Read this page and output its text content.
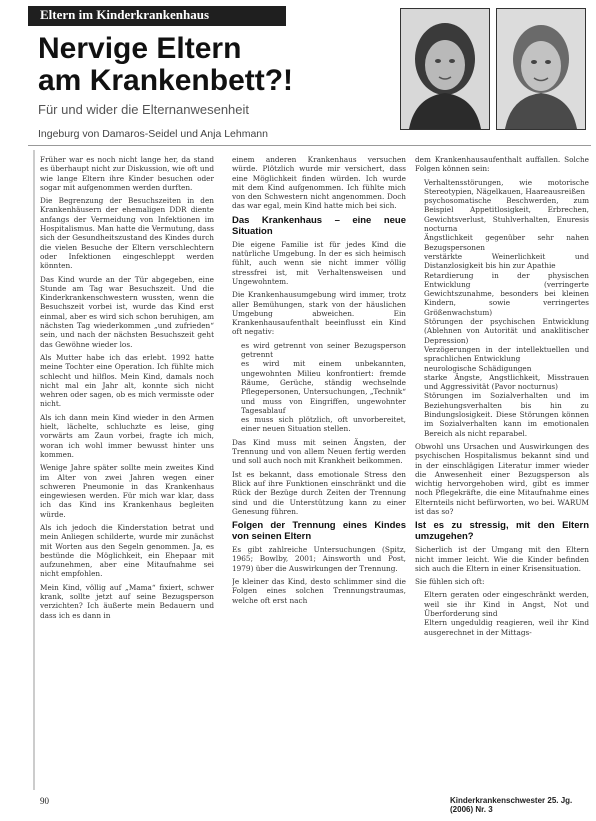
Eltern im Kinderkrankenhaus
Nervige Eltern
am Krankenbett?!
Für und wider die Elternanwesenheit
Ingeburg von Damaros-Seidel und Anja Lehmann

Früher war es noch nicht lange her, da stand es überhaupt nicht zur Diskussion, wie oft und wie lange Eltern ihre Kinder besuchen oder sogar mit aufgenommen werden durften.

Die Begrenzung der Besuchszeiten in den Krankenhäusern der ehemaligen DDR diente anfangs der Vermeidung von Infektionen im Hospitalismus. Man hatte die Vermutung, dass sich der Gesundheitszustand des Kindes durch die vielen Besuche der Eltern verschlechtern oder Infektionen eingeschleppt werden könnten.

Das Kind wurde an der Tür abgegeben, eine Stunde am Tag war Besuchszeit. Und die Kinderkrankenschwestern wussten, wenn die Besuchszeit vorbei ist, wurde das Kind erst einmal, aber es wird sich schon beruhigen, am nächsten Tag wiederkommen „und zufrieden“ sein, und nach der nächsten Besuchszeit geht das Gewöhne wieder los.

Als Mutter habe ich das erlebt. 1992 hatte meine Tochter eine Operation. Ich fühlte mich schlecht und hilflos. Mein Kind, damals noch nicht mal ein Jahr alt, konnte sich nicht wehren oder sagen, ob es mich vermisste oder nicht.

Als ich dann mein Kind wieder in den Armen hielt, lächelte, schluchzte es leise, ging vorwärts am Zaun vorbei, fragte ich mich, woran ich wohl immer bewusst hinter uns kommen.

Wenige Jahre später sollte mein zweites Kind im Alter von zwei Jahren wegen einer schweren Pneumonie in das Krankenhaus eingewiesen werden. Für mich war klar, dass ich das Kind ins Krankenhaus begleiten würde.

Als ich jedoch die Kinderstation betrat und mein Anliegen schilderte, wurde mir zunächst mit Worten aus den Segeln genommen. Ja, es bestünde die Möglichkeit, ein Ehepaar mit aufzunehmen, aber eine Mitaufnahme sei nicht empfohlen.

Mein Kind, völlig auf „Mama“ fixiert, schwer krank, sollte jetzt auf seine Bezugsperson verzichten? Ich äußerte mein Bedauern und dass ich es dann in

einem anderen Krankenhaus versuchen würde. Plötzlich wurde mir versichert, dass eine Möglichkeit finden würden. Ich wurde mit dem Kind aufgenommen. Ich fühlte mich von den Schwestern nicht angenommen. Doch das war egal, mein Kind hatte mich bei sich.

Das Krankenhaus – eine neue Situation

Die eigene Familie ist für jedes Kind die natürliche Umgebung. In der es sich heimisch fühlt, auch wenn sie nicht immer völlig stressfrei ist, mit Verhaltensweisen und Ungewohntem.

Die Krankenhausumgebung wird immer, trotz aller Bemühungen, stark von der häuslichen Umgebung abweichen. Ein Krankenhausaufenthalt beeinflusst ein Kind oft negativ:

• es wird getrennt von seiner Bezugsperson getrennt
• es wird mit einem unbekannten, ungewohnten Milieu konfrontiert: fremde Räume, Gerüche, ständig wechselnde Pflegepersonen, Untersuchungen, „Technik“ und muss von Eingriffen, ungewohnter Tagesablauf
• es muss sich plötzlich, oft unvorbereitet, einer neuen Situation stellen.

Das Kind muss mit seinen Ängsten, der Trennung und von allem Neuen fertig werden und soll auch noch mit Krankheit beikommen.

Ist es bekannt, dass emotionale Stress den Blick auf ihre Funktionen einschränkt und die Rück der Bezüge durch Zeiten der Trennung sind und die Unterstützung kann zu einer Genesung führen.

Folgen der Trennung eines Kindes von seinen Eltern

Es gibt zahlreiche Untersuchungen (Spitz, 1965; Bowlby, 2001; Ainsworth und Post, 1979) über die Auswirkungen der Trennung.

Je kleiner das Kind, desto schlimmer sind die Folgen eines solchen Trennungstraumas, welche oft erst nach

dem Krankenhausaufenthalt auffallen. Solche Folgen können sein:

• Verhaltensstörungen, wie motorische Stereotypien, Nägelkauen, Haareausreißen
• psychosomatische Beschwerden, zum Beispiel Appetitlosigkeit, Erbrechen, Gewichtsverlust, Stuhlverhalten, Enuresis nocturna
• Ängstlichkeit gegenüber sehr nahen Bezugspersonen
• verstärkte Weinerlichkeit und Distanzlosigkeit bis hin zur Apathie
• Retardierung in der physischen Entwicklung (verringerte Gewichtszunahme, besonders bei kleinen Kindern, sowie verringertes Größenwachstum)
• Störungen der psychischen Entwicklung (Ablehnen von Autorität und anaklitischer Depression)
• Verzögerungen in der intellektuellen und sprachlichen Entwicklung
• neurologische Schädigungen
• starke Ängste, Angstlichkeit, Misstrauen und Aggressivität (Pavor nocturnus)
• Störungen im Sozialverhalten und im Beziehungsverhalten bis hin zu Bindungslosigkeit. Diese Störungen können im Sozialverhalten kann im emotionalen Bereich als nicht reparabel.

Obwohl uns Ursachen und Auswirkungen des psychischen Hospitalismus bekannt sind und in der einschlägigen Literatur immer wieder die Anwesenheit einer Bezugsperson als wichtig hervorgehoben wird, gibt es immer noch Pflegekräfte, die eine Mitaufnahme eines Elternteils nicht befürworten, wo bei. WARUM ist das so?

Ist es zu stressig, mit den Eltern umzugehen?

Sicherlich ist der Umgang mit den Eltern nicht immer leicht. Wie die Kinder befinden sich auch die Eltern in einer Krisensituation.

Sie fühlen sich oft:

• Eltern geraten oder eingeschränkt werden, weil sie ihr Kind in Angst, Not und Überforderung sind
• Eltern ungeduldig reagieren, weil ihr Kind ausgerechnet in der Mittags-
90	Kinderkrankenschwester 25. Jg. (2006) Nr. 3
